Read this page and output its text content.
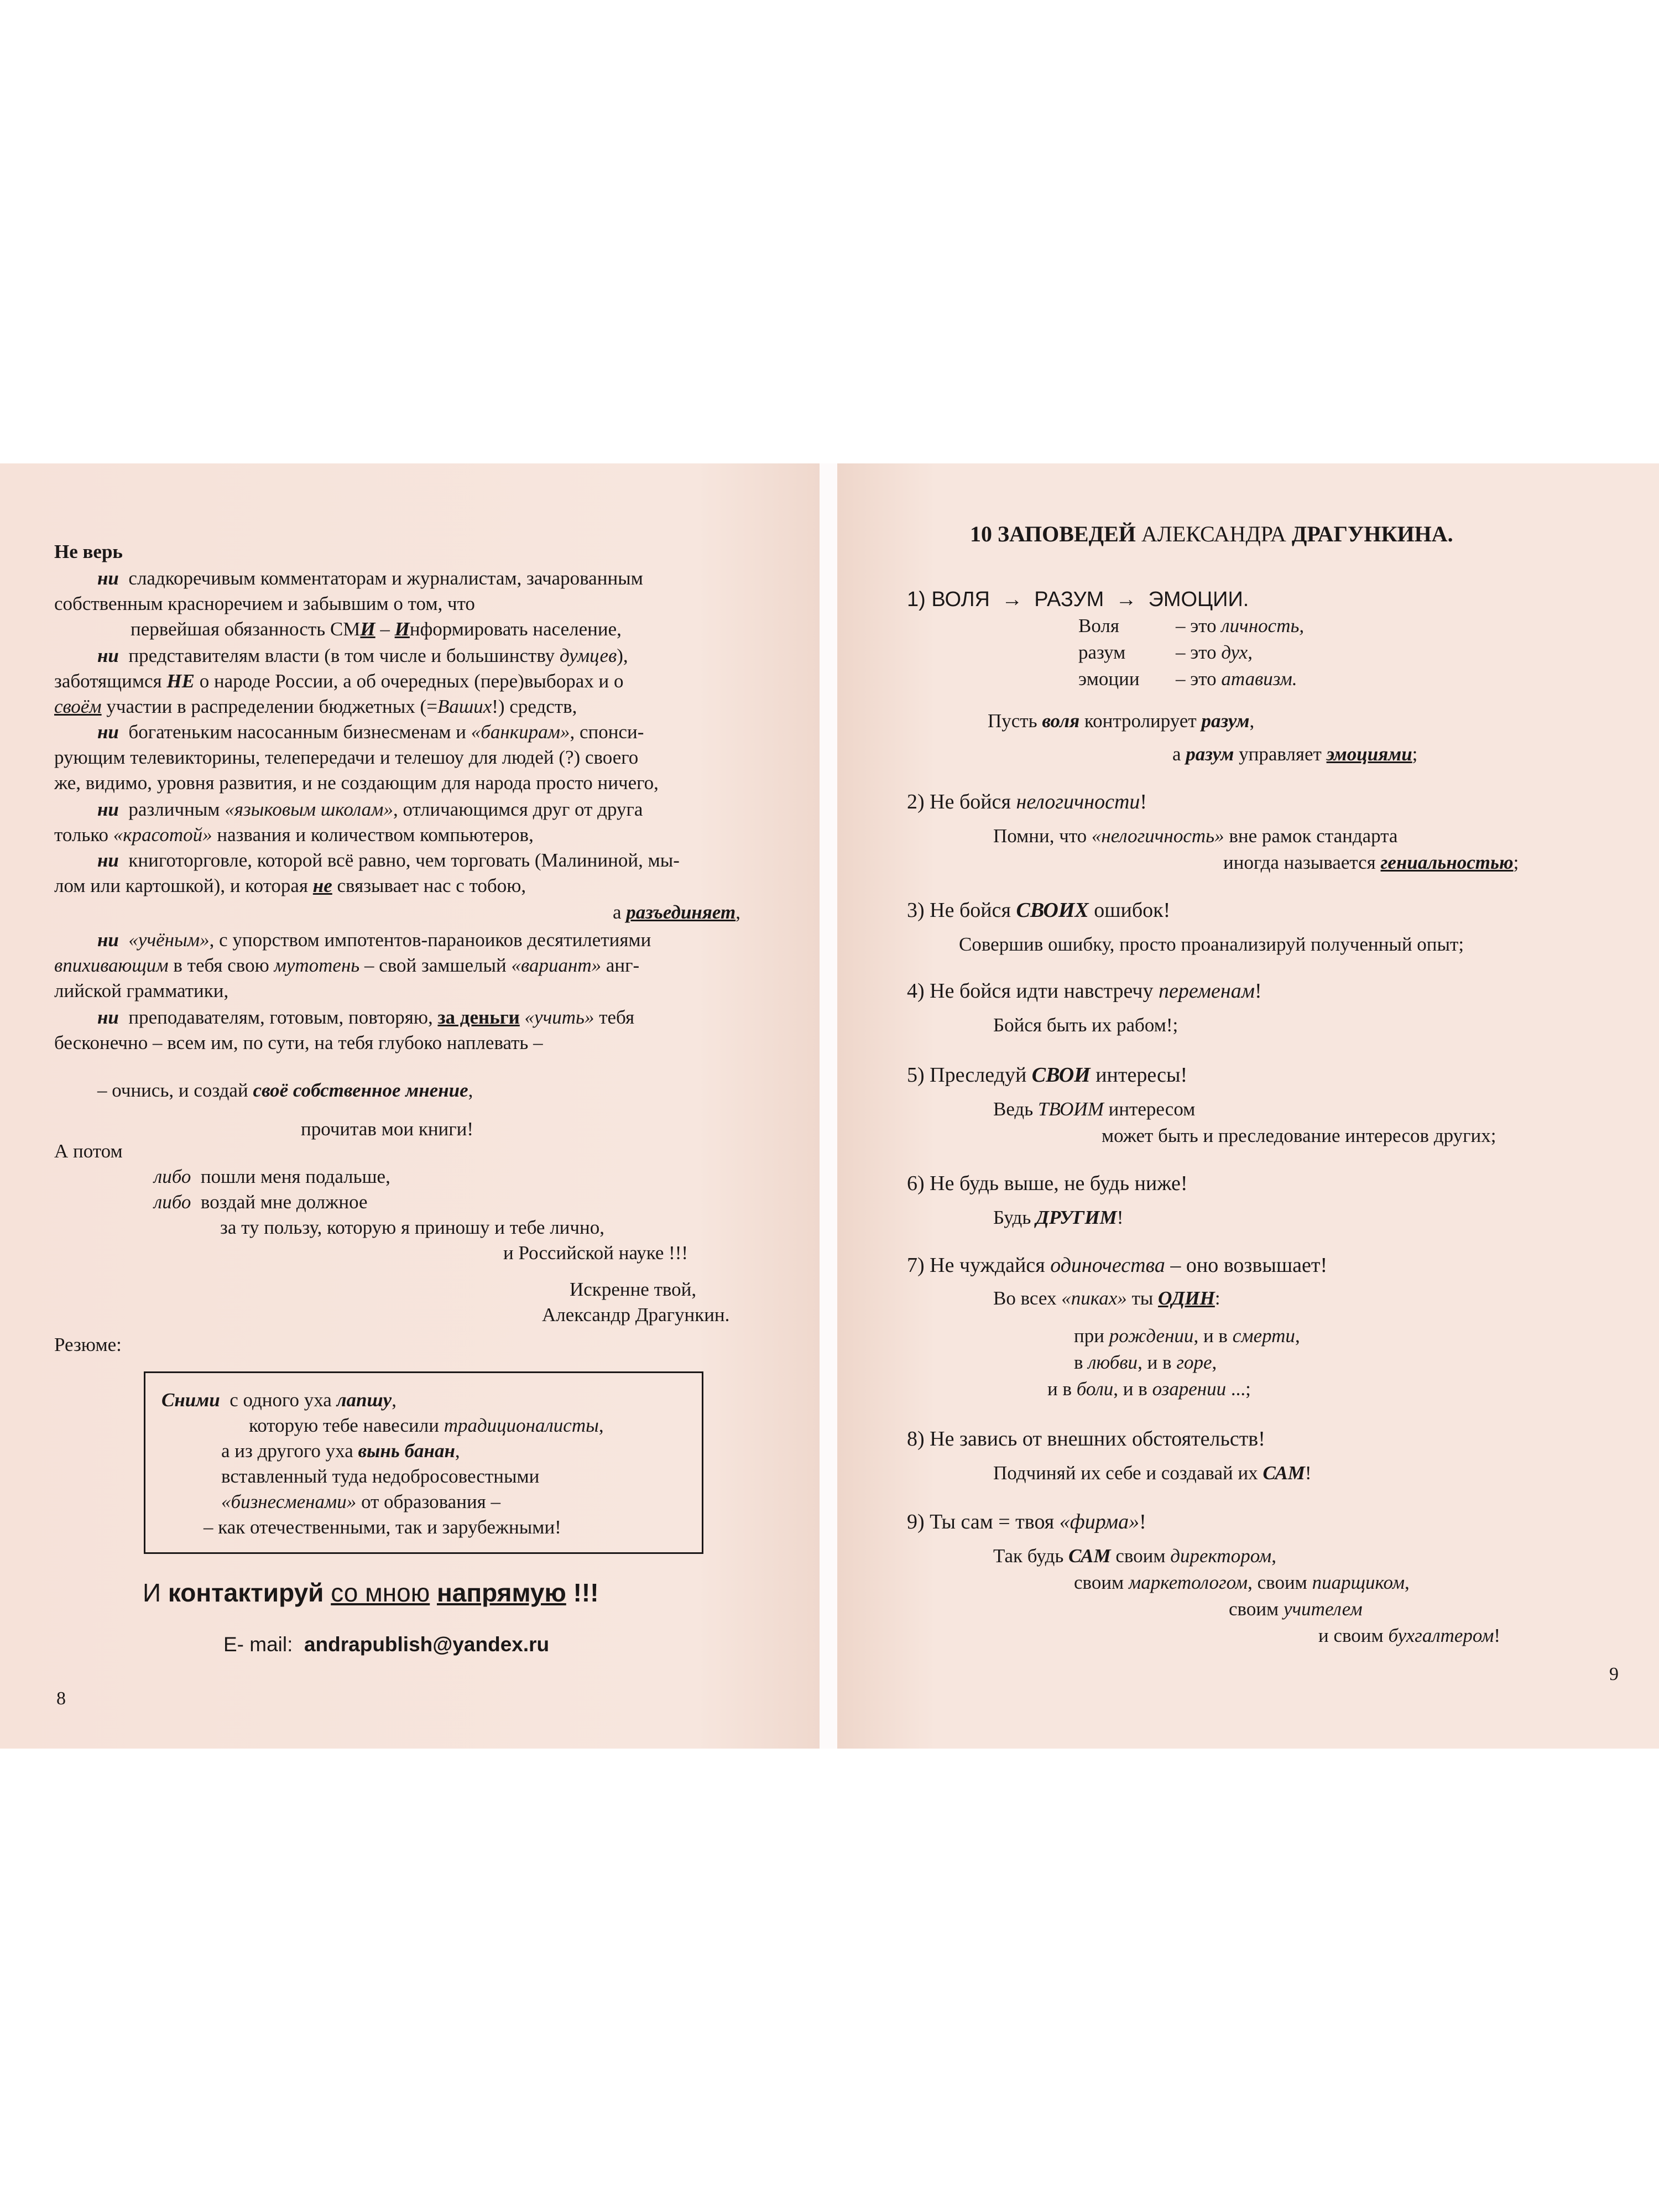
Не верь
ни сладкоречивым комментаторам и журналистам, зачарованным
собственным красноречием и забывшим о том, что
первейшая обязанность СМИ – Информировать население,
ни представителям власти (в том числе и большинству думцев),
заботящимся НЕ о народе России, а об очередных (пере)выборах и о
своём участии в распределении бюджетных (=Ваших!) средств,
ни богатеньким насосанным бизнесменам и «банкирам», спонси-
рующим телевикторины, телепередачи и телешоу для людей (?) своего
же, видимо, уровня развития, и не создающим для народа просто ничего,
ни различным «языковым школам», отличающимся друг от друга
только «красотой» названия и количеством компьютеров,
ни книготорговле, которой всё равно, чем торговать (Малининой, мы-
лом или картошкой), и которая не связывает нас с тобою,
а разъединяет,
ни «учёным», с упорством импотентов-параноиков десятилетиями
впихивающим в тебя свою мутотень – свой замшелый «вариант» анг-
лийской грамматики,
ни преподавателям, готовым, повторяю, за деньги «учить» тебя
бесконечно – всем им, по сути, на тебя глубоко наплевать –
– очнись, и создай своё собственное мнение,
прочитав мои книги!
А потом
либо пошли меня подальше,
либо воздай мне должное
за ту пользу, которую я приношу и тебе лично,
и Российской науке !!!
Искренне твой,
Александр Драгункин.
Резюме:
Сними с одного уха лапшу,
которую тебе навесили традиционалисты,
а из другого уха вынь банан,
вставленный туда недобросовестными
«бизнесменами» от образования –
– как отечественными, так и зарубежными!
И контактируй со мною напрямую !!!
E- mail: andrapublish@yandex.ru
8
10 ЗАПОВЕДЕЙ АЛЕКСАНДРА ДРАГУНКИНА.
1) ВОЛЯ → РАЗУМ → ЭМОЦИИ.
Воля	– это личность,
разум	– это дух,
эмоции – это атавизм.
Пусть воля контролирует разум,
а разум управляет эмоциями;
2) Не бойся нелогичности!
Помни, что «нелогичность» вне рамок стандарта
иногда называется гениальностью;
3) Не бойся СВОИХ ошибок!
Совершив ошибку, просто проанализируй полученный опыт;
4) Не бойся идти навстречу переменам!
Бойся быть их рабом!;
5) Преследуй СВОИ интересы!
Ведь ТВОИМ интересом
может быть и преследование интересов других;
6) Не будь выше, не будь ниже!
Будь ДРУГИМ!
7) Не чуждайся одиночества – оно возвышает!
Во всех «пиках» ты ОДИН:
при рождении, и в смерти,
в любви, и в горе,
и в боли, и в озарении ...;
8) Не завись от внешних обстоятельств!
Подчиняй их себе и создавай их САМ!
9) Ты сам = твоя «фирма»!
Так будь САМ своим директором,
своим маркетологом, своим пиарщиком,
своим учителем
и своим бухгалтером!
9
